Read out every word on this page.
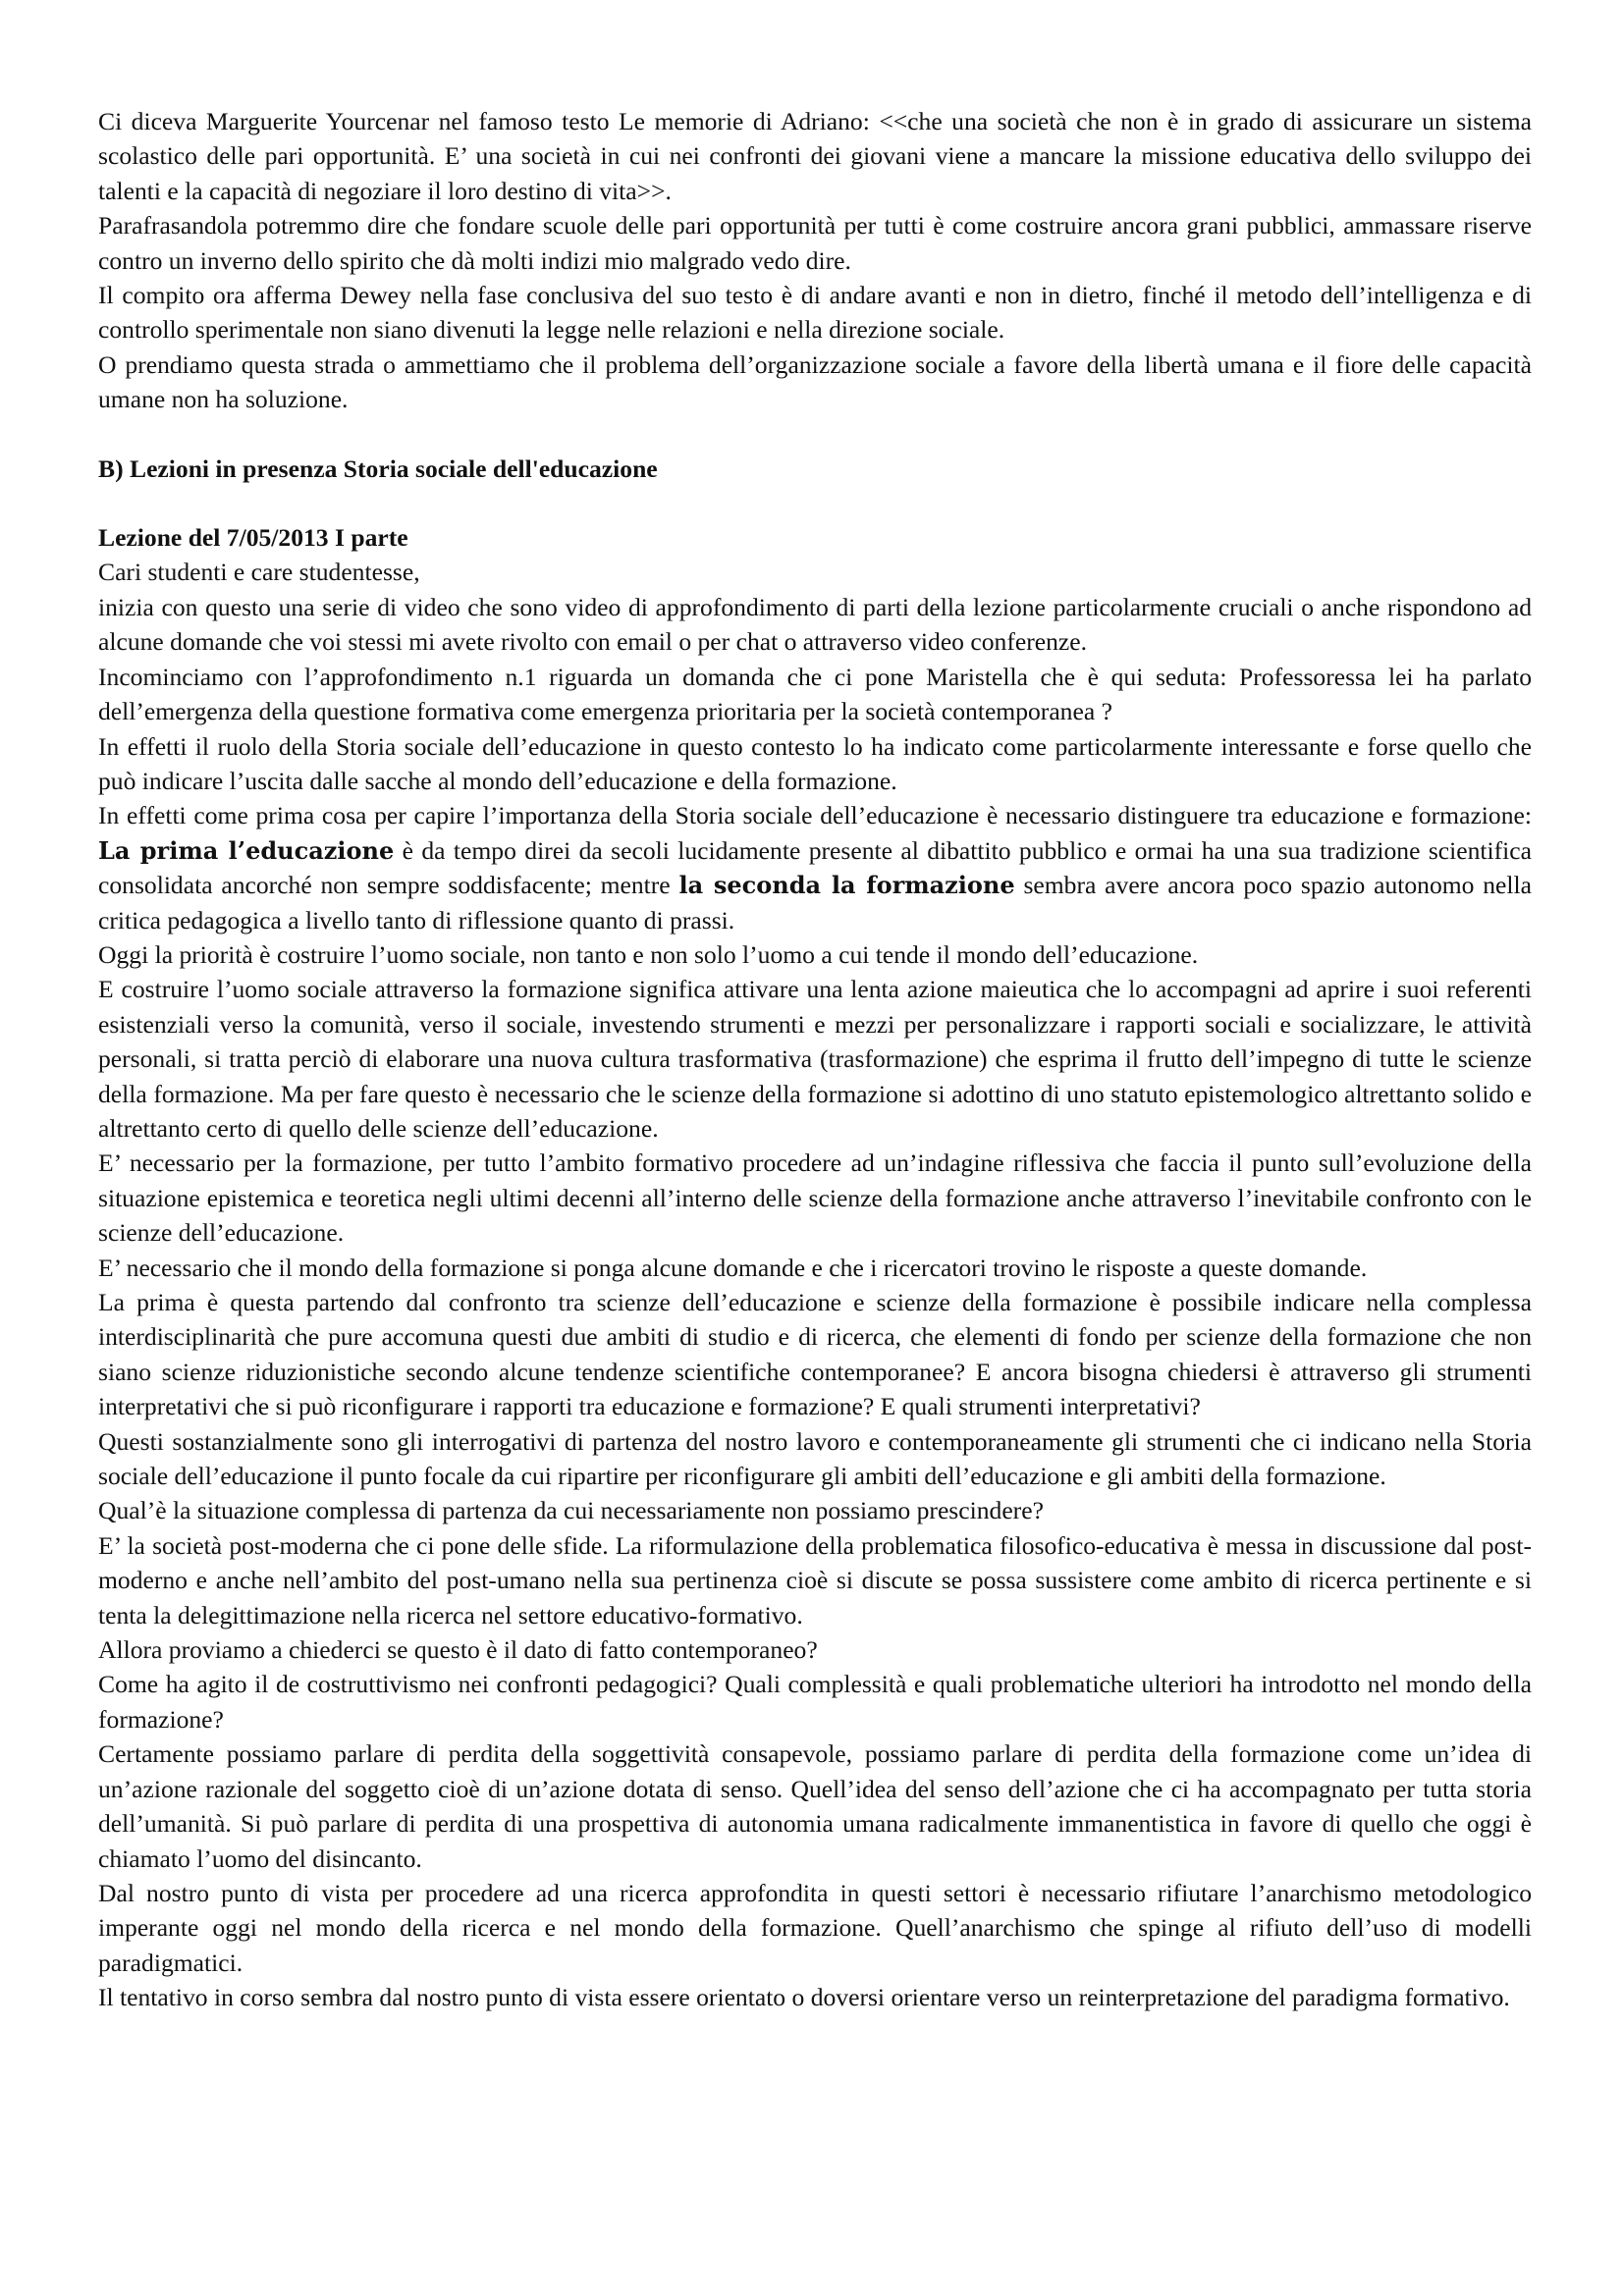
Ci diceva Marguerite Yourcenar nel famoso testo Le memorie di Adriano: <<che una società che non è in grado di assicurare un sistema scolastico delle pari opportunità. E’ una società in cui nei confronti dei giovani viene a mancare la missione educativa dello sviluppo dei talenti e la capacità di negoziare il loro destino di vita>>.

Parafrasandola potremmo dire che fondare scuole delle pari opportunità per tutti è come costruire ancora grani pubblici, ammassare riserve contro un inverno dello spirito che dà molti indizi mio malgrado vedo dire.

Il compito ora afferma Dewey nella fase conclusiva del suo testo è di andare avanti e non in dietro, finché il metodo dell’intelligenza e di controllo sperimentale non siano divenuti la legge nelle relazioni e nella direzione sociale.

O prendiamo questa strada o ammettiamo che il problema dell’organizzazione sociale a favore della libertà umana e il fiore delle capacità umane non ha soluzione.

B) Lezioni in presenza Storia sociale dell'educazione

Lezione del 7/05/2013 I parte

Cari studenti e care studentesse,

inizia con questo una serie di video che sono video di approfondimento di parti della lezione particolarmente cruciali o anche rispondono ad alcune domande che voi stessi mi avete rivolto con email o per chat o attraverso video conferenze.

Incominciamo con l’approfondimento n.1 riguarda un domanda che ci pone Maristella che è qui seduta: Professoressa lei ha parlato dell’emergenza della questione formativa come emergenza prioritaria per la società contemporanea ?

In effetti il ruolo della Storia sociale dell’educazione in questo contesto lo ha indicato come particolarmente interessante e forse quello che può indicare l’uscita dalle sacche al mondo dell’educazione e della formazione.

In effetti come prima cosa per capire l’importanza della Storia sociale dell’educazione è necessario distinguere tra educazione e formazione: La prima l’educazione è da tempo direi da secoli lucidamente presente al dibattito pubblico e ormai ha una sua tradizione scientifica consolidata ancorché non sempre soddisfacente; mentre la seconda la formazione sembra avere ancora poco spazio autonomo nella critica pedagogica a livello tanto di riflessione quanto di prassi.

Oggi la priorità è costruire l’uomo sociale, non tanto e non solo l’uomo a cui tende il mondo dell’educazione.

E costruire l’uomo sociale attraverso la formazione significa attivare una lenta azione maieutica che lo accompagni ad aprire i suoi referenti esistenziali verso la comunità, verso il sociale, investendo strumenti e mezzi per personalizzare i rapporti sociali e socializzare, le attività personali, si tratta perciò di elaborare una nuova cultura trasformativa (trasformazione) che esprima il frutto dell’impegno di tutte le scienze della formazione. Ma per fare questo è necessario che le scienze della formazione si adottino di uno statuto epistemologico altrettanto solido e altrettanto certo di quello delle scienze dell’educazione.

E’ necessario per la formazione, per tutto l’ambito formativo procedere ad un’indagine riflessiva che faccia il punto sull’evoluzione della situazione epistemica e teoretica negli ultimi decenni all’interno delle scienze della formazione anche attraverso l’inevitabile confronto con le scienze dell’educazione.

E’ necessario che il mondo della formazione si ponga alcune domande e che i ricercatori trovino le risposte a queste domande.

La prima è questa partendo dal confronto tra scienze dell’educazione e scienze della formazione è possibile indicare nella complessa interdisciplinarità che pure accomuna questi due ambiti di studio e di ricerca, che elementi di fondo per scienze della formazione che non siano scienze riduzionistiche secondo alcune tendenze scientifiche contemporanee? E ancora bisogna chiedersi è attraverso gli strumenti interpretativi che si può riconfigurare i rapporti tra educazione e formazione? E quali strumenti interpretativi?

Questi sostanzialmente sono gli interrogativi di partenza del nostro lavoro e contemporaneamente gli strumenti che ci indicano nella Storia sociale dell’educazione il punto focale da cui ripartire per riconfigurare gli ambiti dell’educazione e gli ambiti della formazione.

Qual’è la situazione complessa di partenza da cui necessariamente non possiamo prescindere?

E’ la società post-moderna che ci pone delle sfide. La riformulazione della problematica filosofico-educativa è messa in discussione dal post-moderno e anche nell’ambito del post-umano nella sua pertinenza cioè si discute se possa sussistere come ambito di ricerca pertinente e si tenta la delegittimazione nella ricerca nel settore educativo-formativo.

Allora proviamo a chiederci se questo è il dato di fatto contemporaneo?

Come ha agito il de costruttivismo nei confronti pedagogici? Quali complessità e quali problematiche ulteriori ha introdotto nel mondo della formazione?

Certamente possiamo parlare di perdita della soggettività consapevole, possiamo parlare di perdita della formazione come un’idea di un’azione razionale del soggetto cioè di un’azione dotata di senso. Quell’idea del senso dell’azione che ci ha accompagnato per tutta storia dell’umanità. Si può parlare di perdita di una prospettiva di autonomia umana radicalmente immanentistica in favore di quello che oggi è chiamato l’uomo del disincanto.

Dal nostro punto di vista per procedere ad una ricerca approfondita in questi settori è necessario rifiutare l’anarchismo metodologico imperante oggi nel mondo della ricerca e nel mondo della formazione. Quell’anarchismo che spinge al rifiuto dell’uso di modelli paradigmatici.

Il tentativo in corso sembra dal nostro punto di vista essere orientato o doversi orientare verso un reinterpretazione del paradigma formativo.
